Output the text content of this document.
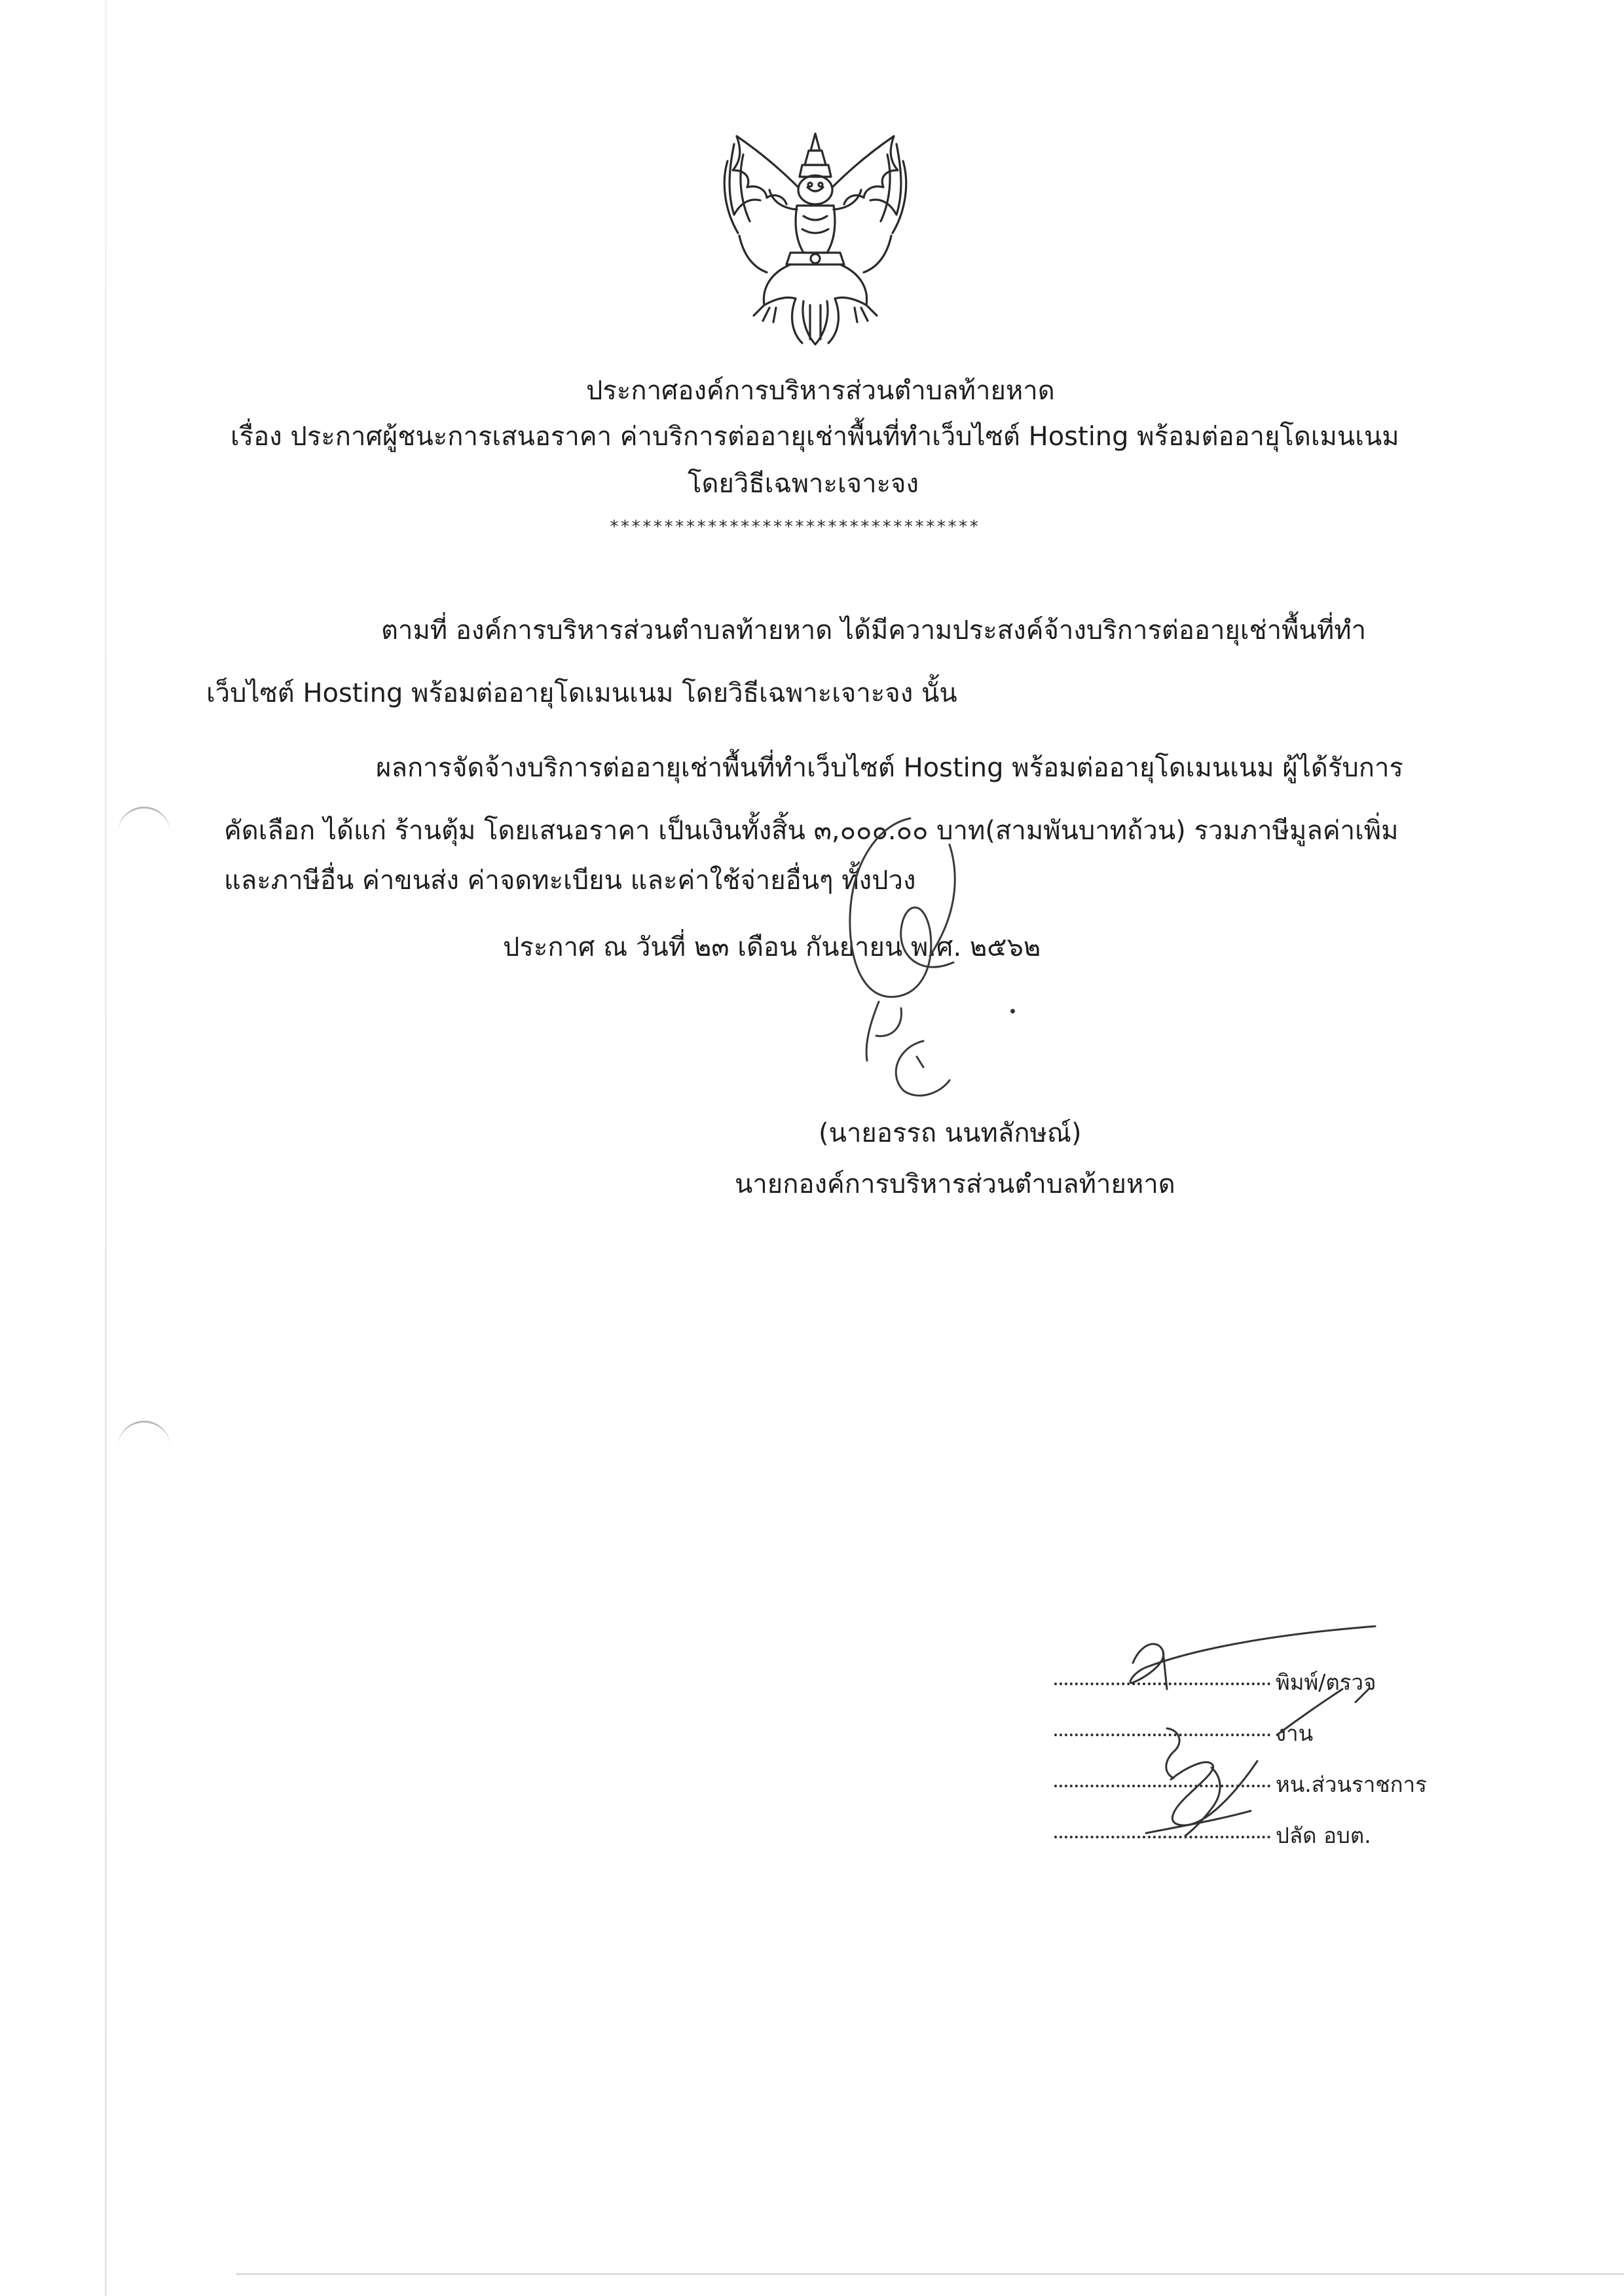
ประกาศองค์การบริหารส่วนตำบลท้ายหาด
เรื่อง ประกาศผู้ชนะการเสนอราคา ค่าบริการต่ออายุเช่าพื้นที่ทำเว็บไซต์ Hosting พร้อมต่ออายุโดเมนเนม
โดยวิธีเฉพาะเจาะจง
**********************************
ตามที่ องค์การบริหารส่วนตำบลท้ายหาด ได้มีความประสงค์จ้างบริการต่ออายุเช่าพื้นที่ทำ
เว็บไซต์ Hosting พร้อมต่ออายุโดเมนเนม โดยวิธีเฉพาะเจาะจง นั้น
ผลการจัดจ้างบริการต่ออายุเช่าพื้นที่ทำเว็บไซต์ Hosting พร้อมต่ออายุโดเมนเนม ผู้ได้รับการ
คัดเลือก ได้แก่ ร้านตุ้ม โดยเสนอราคา เป็นเงินทั้งสิ้น ๓,๐๐๐.๐๐ บาท(สามพันบาทถ้วน) รวมภาษีมูลค่าเพิ่ม
และภาษีอื่น ค่าขนส่ง ค่าจดทะเบียน และค่าใช้จ่ายอื่นๆ ทั้งปวง
ประกาศ ณ วันที่ ๒๓ เดือน กันยายน พ.ศ. ๒๕๖๒
(นายอรรถ นนทลักษณ์)
นายกองค์การบริหารส่วนตำบลท้ายหาด
พิมพ์/ตรวจ
งาน
หน.ส่วนราชการ
ปลัด อบต.
